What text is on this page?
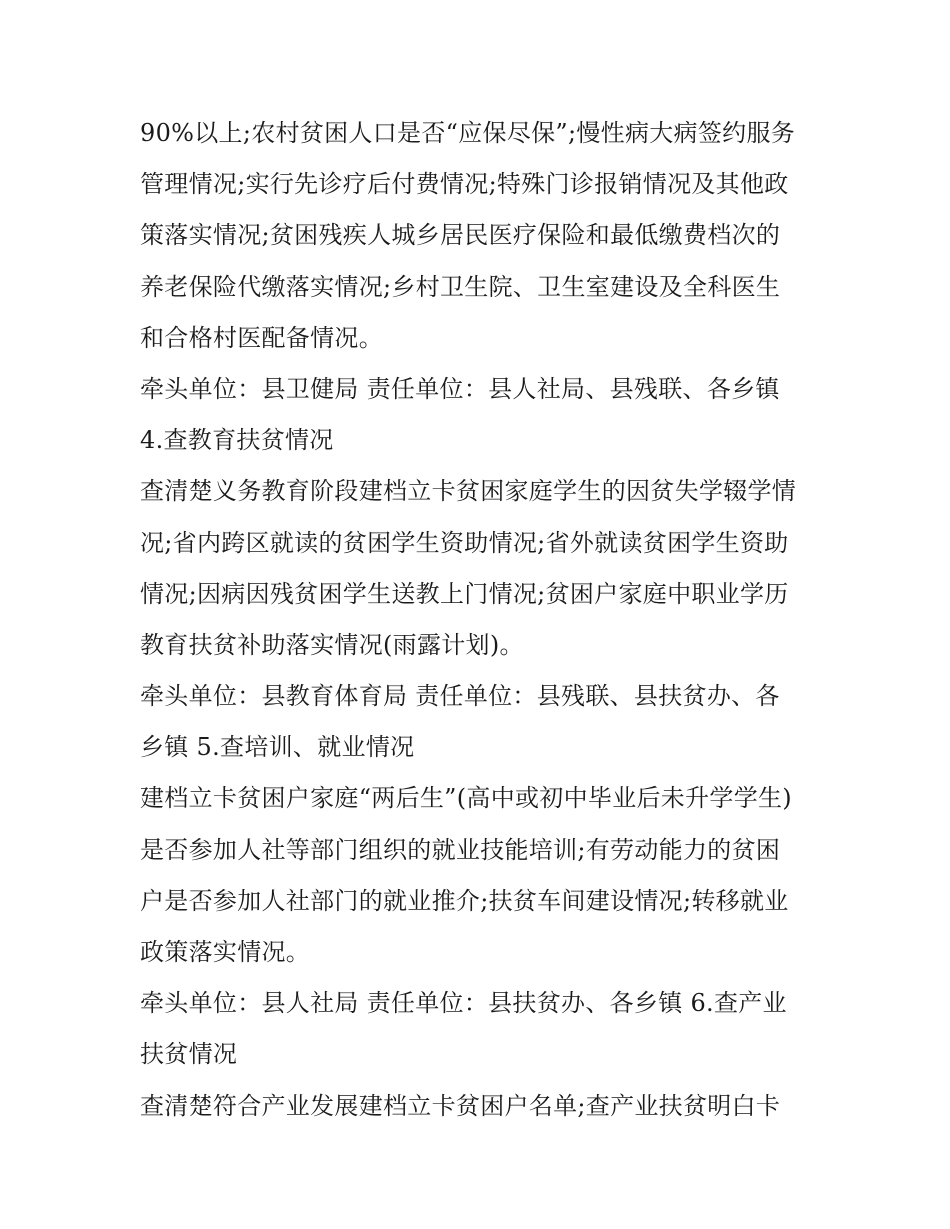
90%以上;农村贫困人口是否“应保尽保”;慢性病大病签约服务
管理情况;实行先诊疗后付费情况;特殊门诊报销情况及其他政
策落实情况;贫困残疾人城乡居民医疗保险和最低缴费档次的
养老保险代缴落实情况;乡村卫生院、卫生室建设及全科医生
和合格村医配备情况。
牵头单位：县卫健局 责任单位：县人社局、县残联、各乡镇
4.查教育扶贫情况
查清楚义务教育阶段建档立卡贫困家庭学生的因贫失学辍学情
况;省内跨区就读的贫困学生资助情况;省外就读贫困学生资助
情况;因病因残贫困学生送教上门情况;贫困户家庭中职业学历
教育扶贫补助落实情况(雨露计划)。
牵头单位：县教育体育局 责任单位：县残联、县扶贫办、各
乡镇 5.查培训、就业情况
建档立卡贫困户家庭“两后生”(高中或初中毕业后未升学学生)
是否参加人社等部门组织的就业技能培训;有劳动能力的贫困
户是否参加人社部门的就业推介;扶贫车间建设情况;转移就业
政策落实情况。
牵头单位：县人社局 责任单位：县扶贫办、各乡镇 6.查产业
扶贫情况
查清楚符合产业发展建档立卡贫困户名单;查产业扶贫明白卡
